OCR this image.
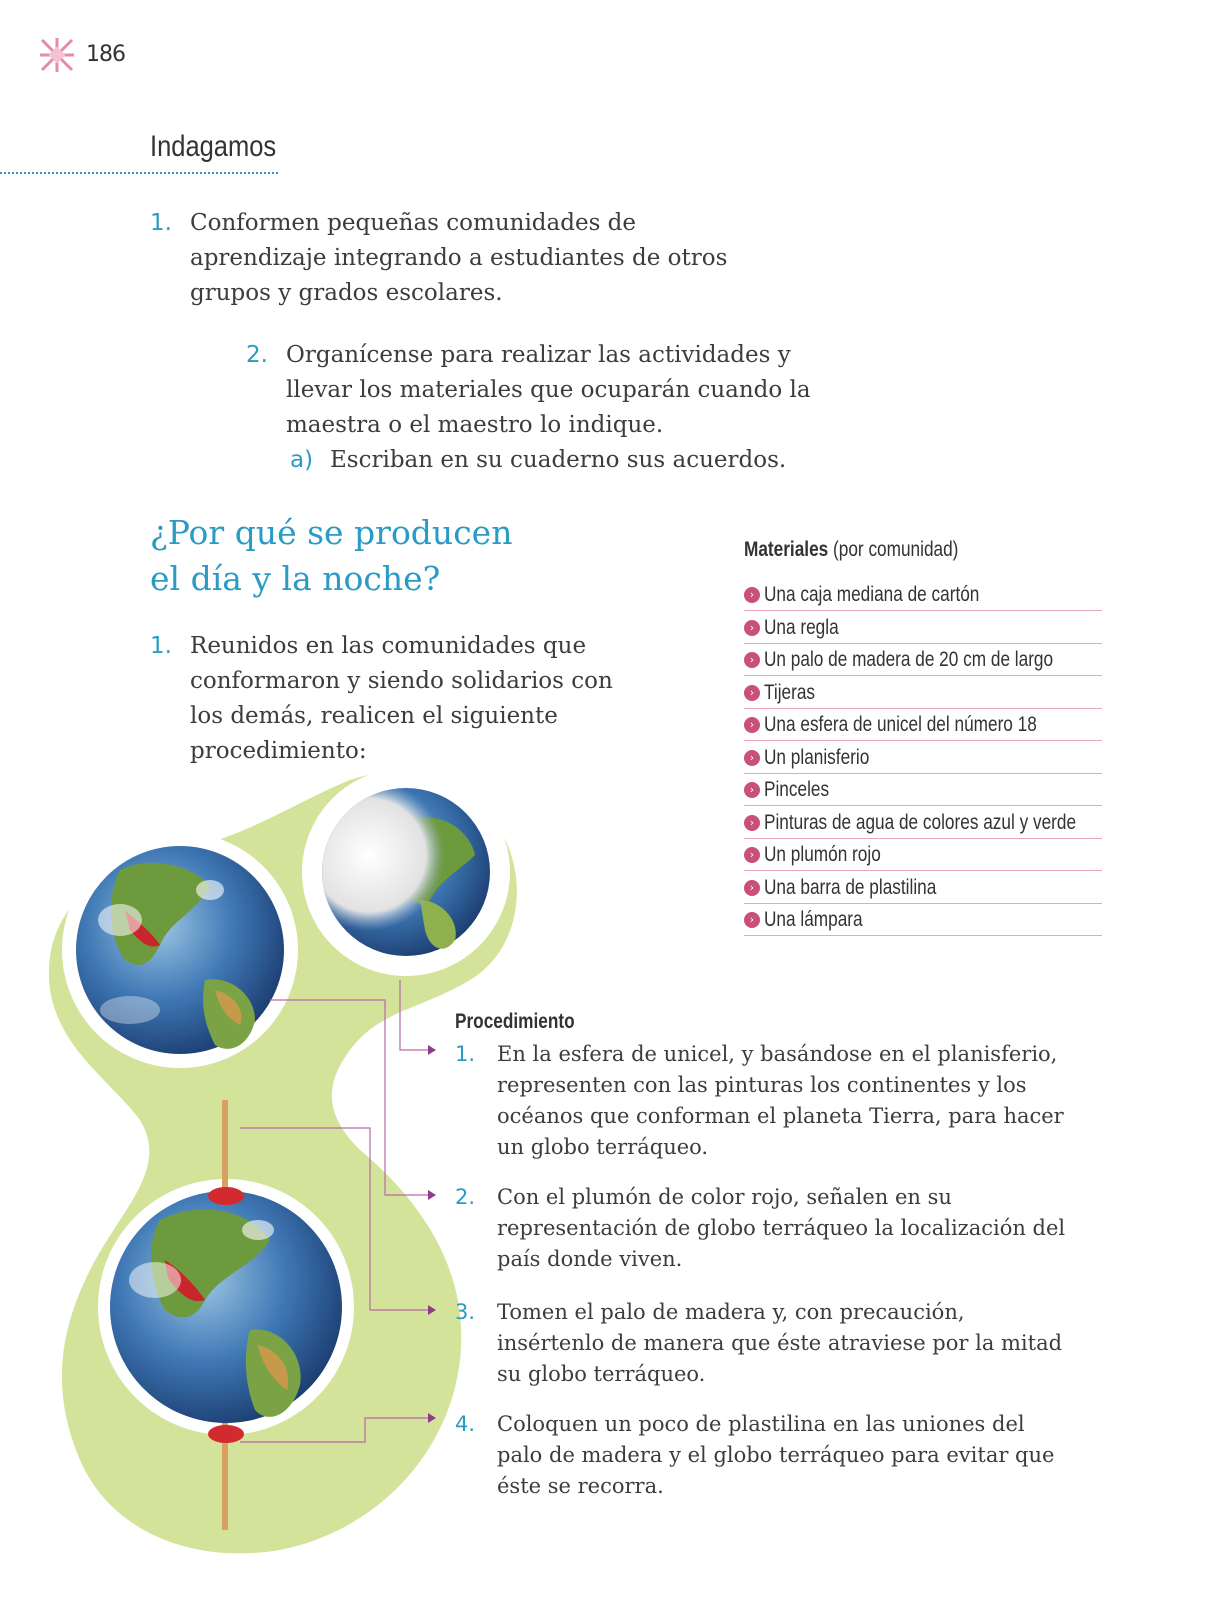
186
Indagamos
1. Conformen pequeñas comunidades de aprendizaje integrando a estudiantes de otros grupos y grados escolares.
2. Organícense para realizar las actividades y llevar los materiales que ocuparán cuando la maestra o el maestro lo indique.
a) Escriban en su cuaderno sus acuerdos.
¿Por qué se producen
el día y la noche?
1. Reunidos en las comunidades que conformaron y siendo solidarios con los demás, realicen el siguiente procedimiento:
Materiales (por comunidad)
› Una caja mediana de cartón
› Una regla
› Un palo de madera de 20 cm de largo
› Tijeras
› Una esfera de unicel del número 18
› Un planisferio
› Pinceles
› Pinturas de agua de colores azul y verde
› Un plumón rojo
› Una barra de plastilina
› Una lámpara
Procedimiento
1.	En la esfera de unicel, y basándose en el planisferio, representen con las pinturas los continentes y los océanos que conforman el planeta Tierra, para hacer un globo terráqueo.
2.	Con el plumón de color rojo, señalen en su representación de globo terráqueo la localización del país donde viven.
3.	Tomen el palo de madera y, con precaución, insértenlo de manera que éste atraviese por la mitad su globo terráqueo.
4.	Coloquen un poco de plastilina en las uniones del palo de madera y el globo terráqueo para evitar que éste se recorra.
